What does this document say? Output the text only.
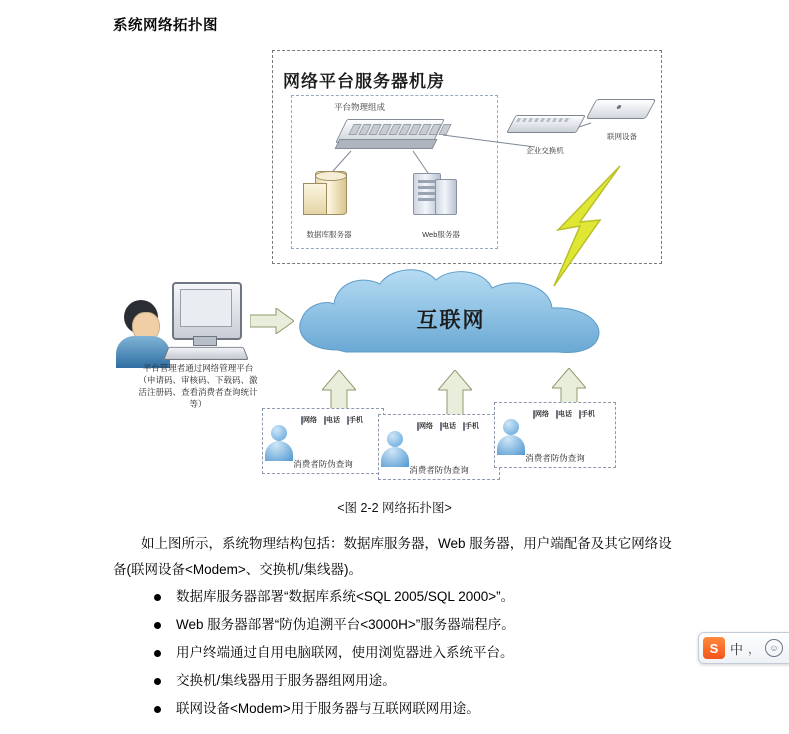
系统网络拓扑图
网络平台服务器机房
平台物理组成
数据库服务器	Web服务器
企业交换机
联网设备
互联网
平台管理者通过网络管理平台（申请码、审核码、下载码、激活注册码、查看消费者查询统计等）
网络 电话 手机
消费者防伪查询
网络 电话 手机
消费者防伪查询
网络 电话 手机
消费者防伪查询
<图 2-2 网络拓扑图>
如上图所示，系统物理结构包括：数据库服务器，Web 服务器，用户端配备及其它网络设备(联网设备<Modem>、交换机/集线器)。
数据库服务器部署“数据库系统<SQL 2005/SQL 2000>”。
Web 服务器部署“防伪追溯平台<3000H>”服务器端程序。
用户终端通过自用电脑联网，使用浏览器进入系统平台。
交换机/集线器用于服务器组网用途。
联网设备<Modem>用于服务器与互联网联网用途。
S 中 ，	☺
